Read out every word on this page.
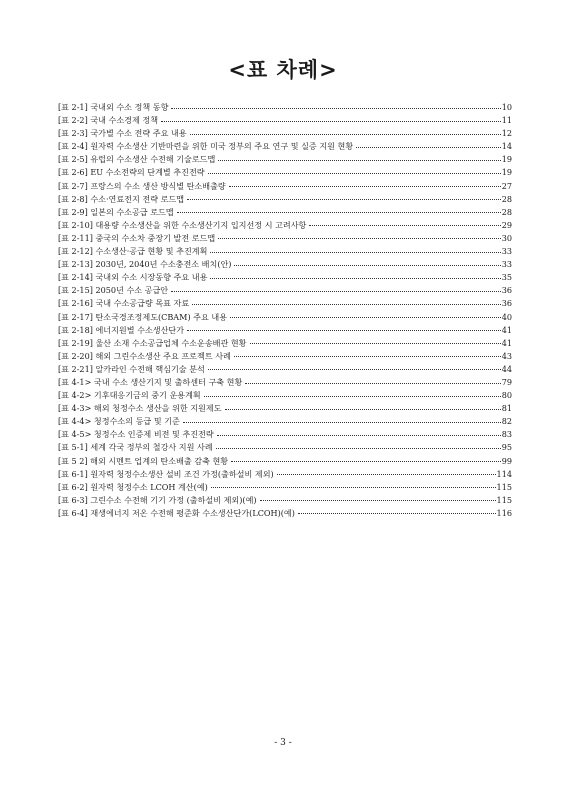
<표 차례>
[표 2-1] 국내외 수소 정책 동향	10
[표 2-2] 국내 수소경제 정책	11
[표 2-3] 국가별 수소 전략 주요 내용	12
[표 2-4] 원자력 수소생산 기반마련을 위한 미국 정부의 주요 연구 및 실증 지원 현황	14
[표 2-5] 유럽의 수소생산 수전해 기술로드맵	19
[표 2-6] EU 수소전략의 단계별 추진전략	19
[표 2-7] 프랑스의 수소 생산 방식별 탄소배출량	27
[표 2-8] 수소·연료전지 전략 로드맵	28
[표 2-9] 일본의 수소공급 로드맵	28
[표 2-10] 대용량 수소생산을 위한 수소생산기지 입지선정 시 고려사항	29
[표 2-11] 중국의 수소차 중장기 발전 로드맵	30
[표 2-12] 수소생산·공급 현황 및 추진계획	33
[표 2-13] 2030년, 2040년 수소충전소 배치(안)	33
[표 2-14] 국내외 수소 시장동향 주요 내용	35
[표 2-15] 2050년 수소 공급안	36
[표 2-16] 국내 수소공급량 목표 자료	36
[표 2-17] 탄소국경조정제도(CBAM) 주요 내용	40
[표 2-18] 에너지원별 수소생산단가	41
[표 2-19] 울산 소재 수소공급업체 수소운송배관 현황	41
[표 2-20] 해외 그린수소생산 주요 프로젝트 사례	43
[표 2-21] 알카라인 수전해 핵심기술 분석	44
[표 4-1> 국내 수소 생산기지 및 출하센터 구축 현황	79
[표 4-2> 기후대응기금의 중기 운용계획	80
[표 4-3> 해외 청정수소 생산을 위한 지원제도	81
[표 4-4> 청정수소의 등급 및 기준	82
[표 4-5> 청정수소 인증제 비전 및 추진전략	83
[표 5-1] 세계 각국 정부의 철강사 지원 사례	95
[표 5 2] 해외 시멘트 업계의 탄소배출 감축 현황	99
[표 6-1] 원자력 청정수소생산 설비 조건 가정(출하설비 제외)	114
[표 6-2] 원자력 청정수소 LCOH 계산(예)	115
[표 6-3] 그린수소 수전해 기기 가정 (출하설비 제외)(예)	115
[표 6-4] 재생에너지 저온 수전해 평준화 수소생산단가(LCOH)(예)	116
- 3 -
